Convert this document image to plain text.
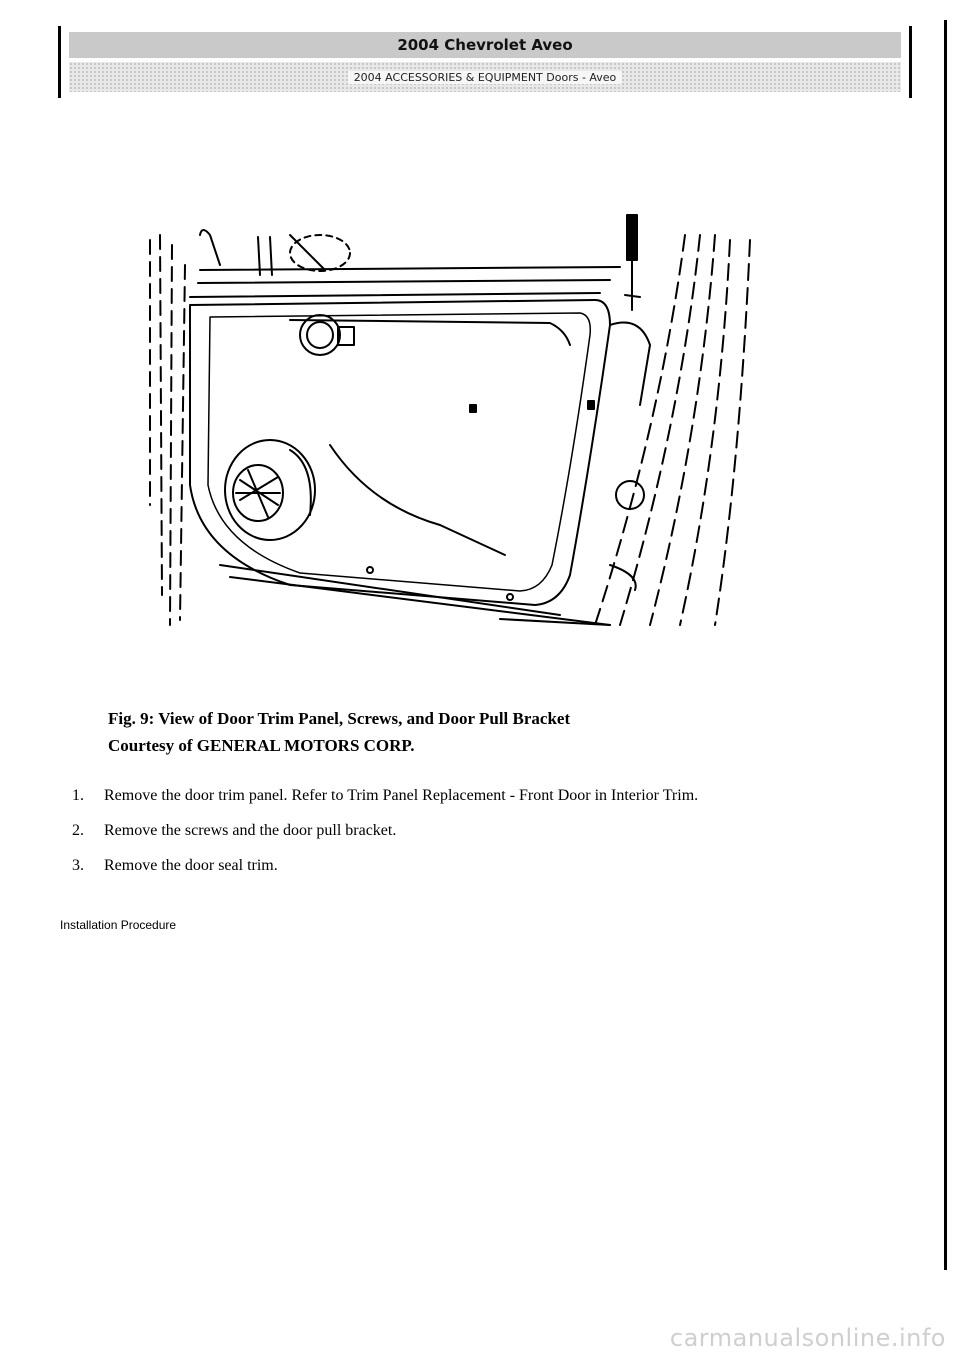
2004 Chevrolet Aveo
2004 ACCESSORIES & EQUIPMENT Doors - Aveo
Fig. 9: View of Door Trim Panel, Screws, and Door Pull Bracket
Courtesy of GENERAL MOTORS CORP.
1. Remove the door trim panel. Refer to Trim Panel Replacement - Front Door in Interior Trim.
2. Remove the screws and the door pull bracket.
3. Remove the door seal trim.
Installation Procedure
carmanualsonline.info
